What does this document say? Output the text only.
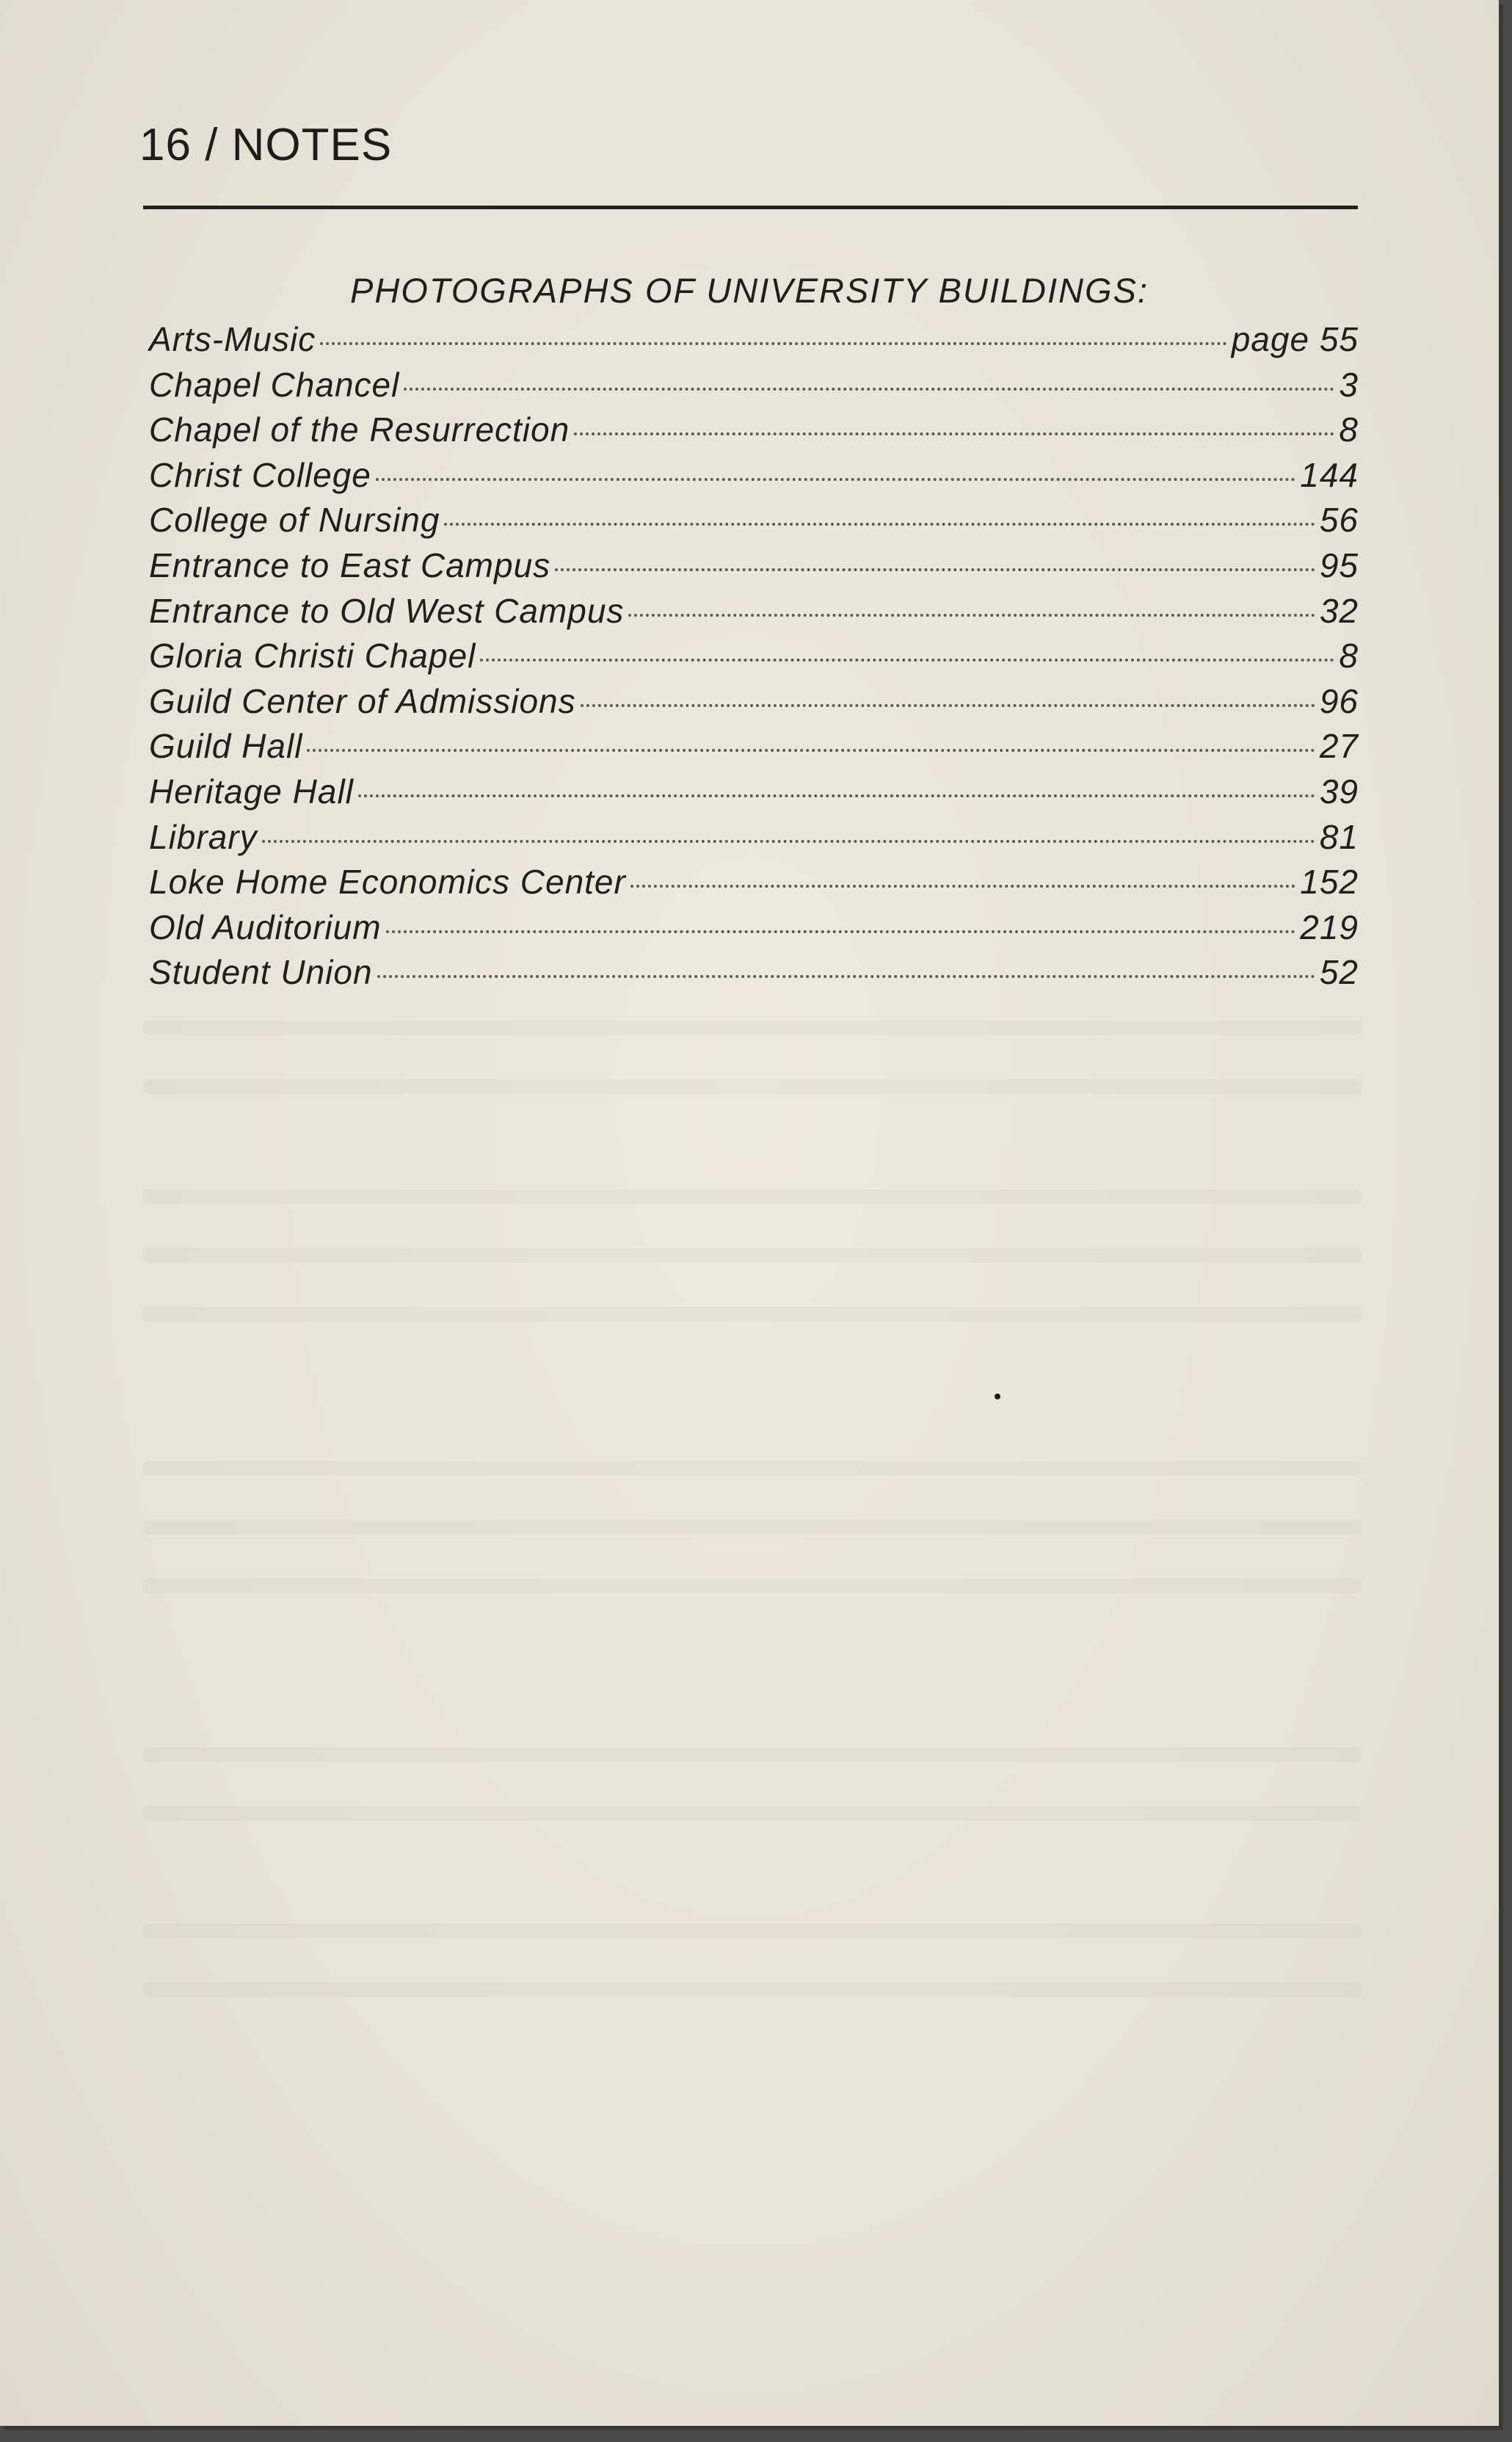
16 / NOTES
PHOTOGRAPHS OF UNIVERSITY BUILDINGS:
Arts-Music	page 55
Chapel Chancel	3
Chapel of the Resurrection	8
Christ College	144
College of Nursing	56
Entrance to East Campus	95
Entrance to Old West Campus	32
Gloria Christi Chapel	8
Guild Center of Admissions	96
Guild Hall	27
Heritage Hall	39
Library	81
Loke Home Economics Center	152
Old Auditorium	219
Student Union	52
